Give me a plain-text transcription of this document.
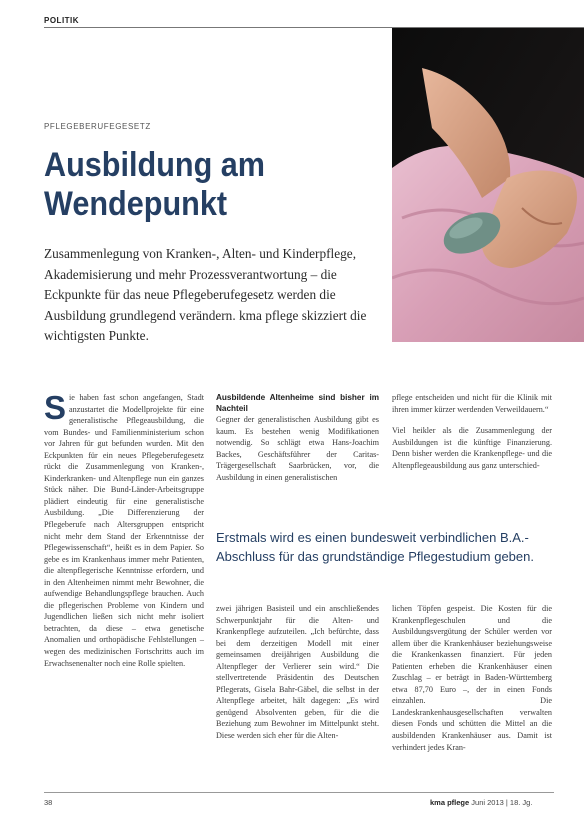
POLITIK
PFLEGEBERUFEGESETZ
Ausbildung am
Wendepunkt
Zusammenlegung von Kranken-, Alten- und Kinderpflege, Akademisierung und mehr Prozessverantwortung – die Eckpunkte für das neue Pflegeberufegesetz werden die Ausbildung grundlegend verändern. kma pflege skizziert die wichtigsten Punkte.
S ie haben fast schon angefangen, Stadt anzustartet die Modellprojekte für eine generalistische Pflegeausbildung, die vom Bundes- und Familienministerium schon vor Jahren für gut befunden wurden. Mit den Eckpunkten für ein neues Pflegeberufegesetz rückt die Zusammenlegung von Kranken-, Kinderkranken- und Altenpflege nun ein ganzes Stück näher. Die Bund-Länder-Arbeitsgruppe plädiert eindeutig für eine generalistische Ausbildung. „Die Differenzierung der Pflegeberufe nach Altersgruppen entspricht nicht mehr dem Stand der Erkenntnisse der Pflegewissenschaft“, heißt es in dem Papier. So gebe es im Krankenhaus immer mehr Patienten, die altenpflegerische Kenntnisse erfordern, und in den Altenheimen nimmt mehr Bewohner, die aufwendige Behandlungspflege brauchen. Auch die pflegerischen Probleme von Kindern und Jugendlichen ließen sich nicht mehr isoliert betrachten, da diese – etwa genetische Anomalien und orthopädische Fehlstellungen – wegen des medizinischen Fortschritts auch im Erwachsenenalter noch eine Rolle spielten.

Ausbildende Altenheime sind bisher im Nachteil

Gegner der generalistischen Ausbildung gibt es kaum. Es bestehen wenig Modifikationen notwendig. So schlägt etwa Hans-Joachim Backes, Geschäftsführer der Caritas-Trägergesellschaft Saarbrücken, vor, die Ausbildung in einen generalistischen

pflege entscheiden und nicht für die Klinik mit ihren immer kürzer werdenden Verweildauern.“

Viel heikler als die Zusammenlegung der Ausbildungen ist die künftige Finanzierung. Denn bisher werden die Krankenpflege- und die Altenpflegeausbildung aus ganz unterschied-

Erstmals wird es einen bundesweit verbindlichen B.A.-Abschluss für das grundständige Pflegestudium geben.

zwei jährigen Basisteil und ein anschließendes Schwerpunktjahr für die Alten- und Krankenpflege aufzuteilen. „Ich befürchte, dass bei dem derzeitigen Modell mit einer gemeinsamen dreijährigen Ausbildung die Altenpfleger der Verlierer sein wird.“ Die stellvertretende Präsidentin des Deutschen Pflegerats, Gisela Bahr-Gäbel, die selbst in der Altenpflege arbeitet, hält dagegen: „Es wird genügend Absolventen geben, für die die Beziehung zum Bewohner im Mittelpunkt steht. Diese werden sich eher für die Alten-

lichen Töpfen gespeist. Die Kosten für die Krankenpflegeschulen und die Ausbildungsvergütung der Schüler werden vor allem über die Krankenhäuser beziehungsweise die Krankenkassen finanziert. Für jeden Patienten erheben die Krankenhäuser einen Zuschlag – er beträgt in Baden-Württemberg etwa 87,70 Euro –, der in einen Fonds einzahlen. Die Landeskrankenhausgesellschaften verwalten diesen Fonds und schütten die Mittel an die ausbildenden Krankenhäuser aus. Damit ist verhindert jedes Kran-

38	kma pflege Juni 2013 | 18. Jg.
